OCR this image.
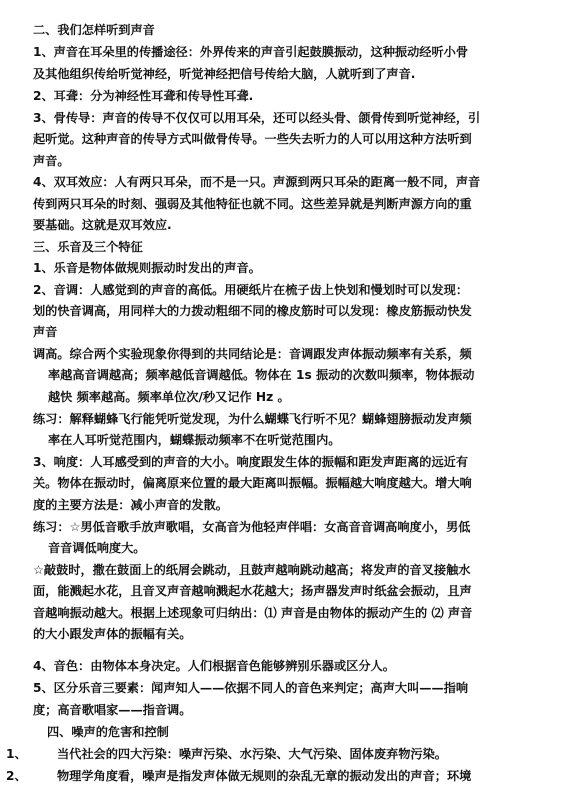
二、我们怎样听到声音
1、声音在耳朵里的传播途径：外界传来的声音引起鼓膜振动，这种振动经听小骨
及其他组织传给听觉神经，听觉神经把信号传给大脑，人就听到了声音.
2、耳聋：分为神经性耳聋和传导性耳聋.
3、骨传导：声音的传导不仅仅可以用耳朵，还可以经头骨、颌骨传到听觉神经，引
起听觉。这种声音的传导方式叫做骨传导。一些失去听力的人可以用这种方法听到
声音。
4、双耳效应：人有两只耳朵，而不是一只。声源到两只耳朵的距离一般不同，声音
传到两只耳朵的时刻、强弱及其他特征也就不同。这些差异就是判断声源方向的重
要基础。这就是双耳效应.
三、乐音及三个特征
1、乐音是物体做规则振动时发出的声音。
2、音调：人感觉到的声音的高低。用硬纸片在梳子齿上快划和慢划时可以发现：
划的快音调高，用同样大的力拨动粗细不同的橡皮筋时可以发现：橡皮筋振动快发
声音
调高。综合两个实验现象你得到的共同结论是：音调跟发声体振动频率有关系，频
率越高音调越高；频率越低音调越低。物体在 1s 振动的次数叫频率，物体振动
越快 频率越高。频率单位次/秒又记作 Hz 。
练习：解释蝴蜂飞行能凭听觉发现，为什么蝴蝶飞行听不见？蝴蜂翅膀振动发声频
率在人耳听觉范围内，蝴蝶振动频率不在听觉范围内。
3、响度：人耳感受到的声音的大小。响度跟发生体的振幅和距发声距离的远近有
关。物体在振动时，偏离原来位置的最大距离叫振幅。振幅越大响度越大。增大响
度的主要方法是：减小声音的发散。
练习：☆男低音歌手放声歌唱，女高音为他轻声伴唱：女高音音调高响度小，男低
音音调低响度大。
☆敲鼓时，撒在鼓面上的纸屑会跳动，且鼓声越响跳动越高；将发声的音叉接触水
面，能溅起水花，且音叉声音越响溅起水花越大；扬声器发声时纸盆会振动，且声
音越响振动越大。根据上述现象可归纳出：⑴ 声音是由物体的振动产生的 ⑵ 声音
的大小跟发声体的振幅有关。
4、音色：由物体本身决定。人们根据音色能够辨别乐器或区分人。
5、区分乐音三要素：闻声知人——依据不同人的音色来判定；高声大叫——指响
度；高音歌唱家——指音调。
四、噪声的危害和控制
1、 当代社会的四大污染：噪声污染、水污染、大气污染、固体废弃物污染。
2、 物理学角度看，噪声是指发声体做无规则的杂乱无章的振动发出的声音；环境
